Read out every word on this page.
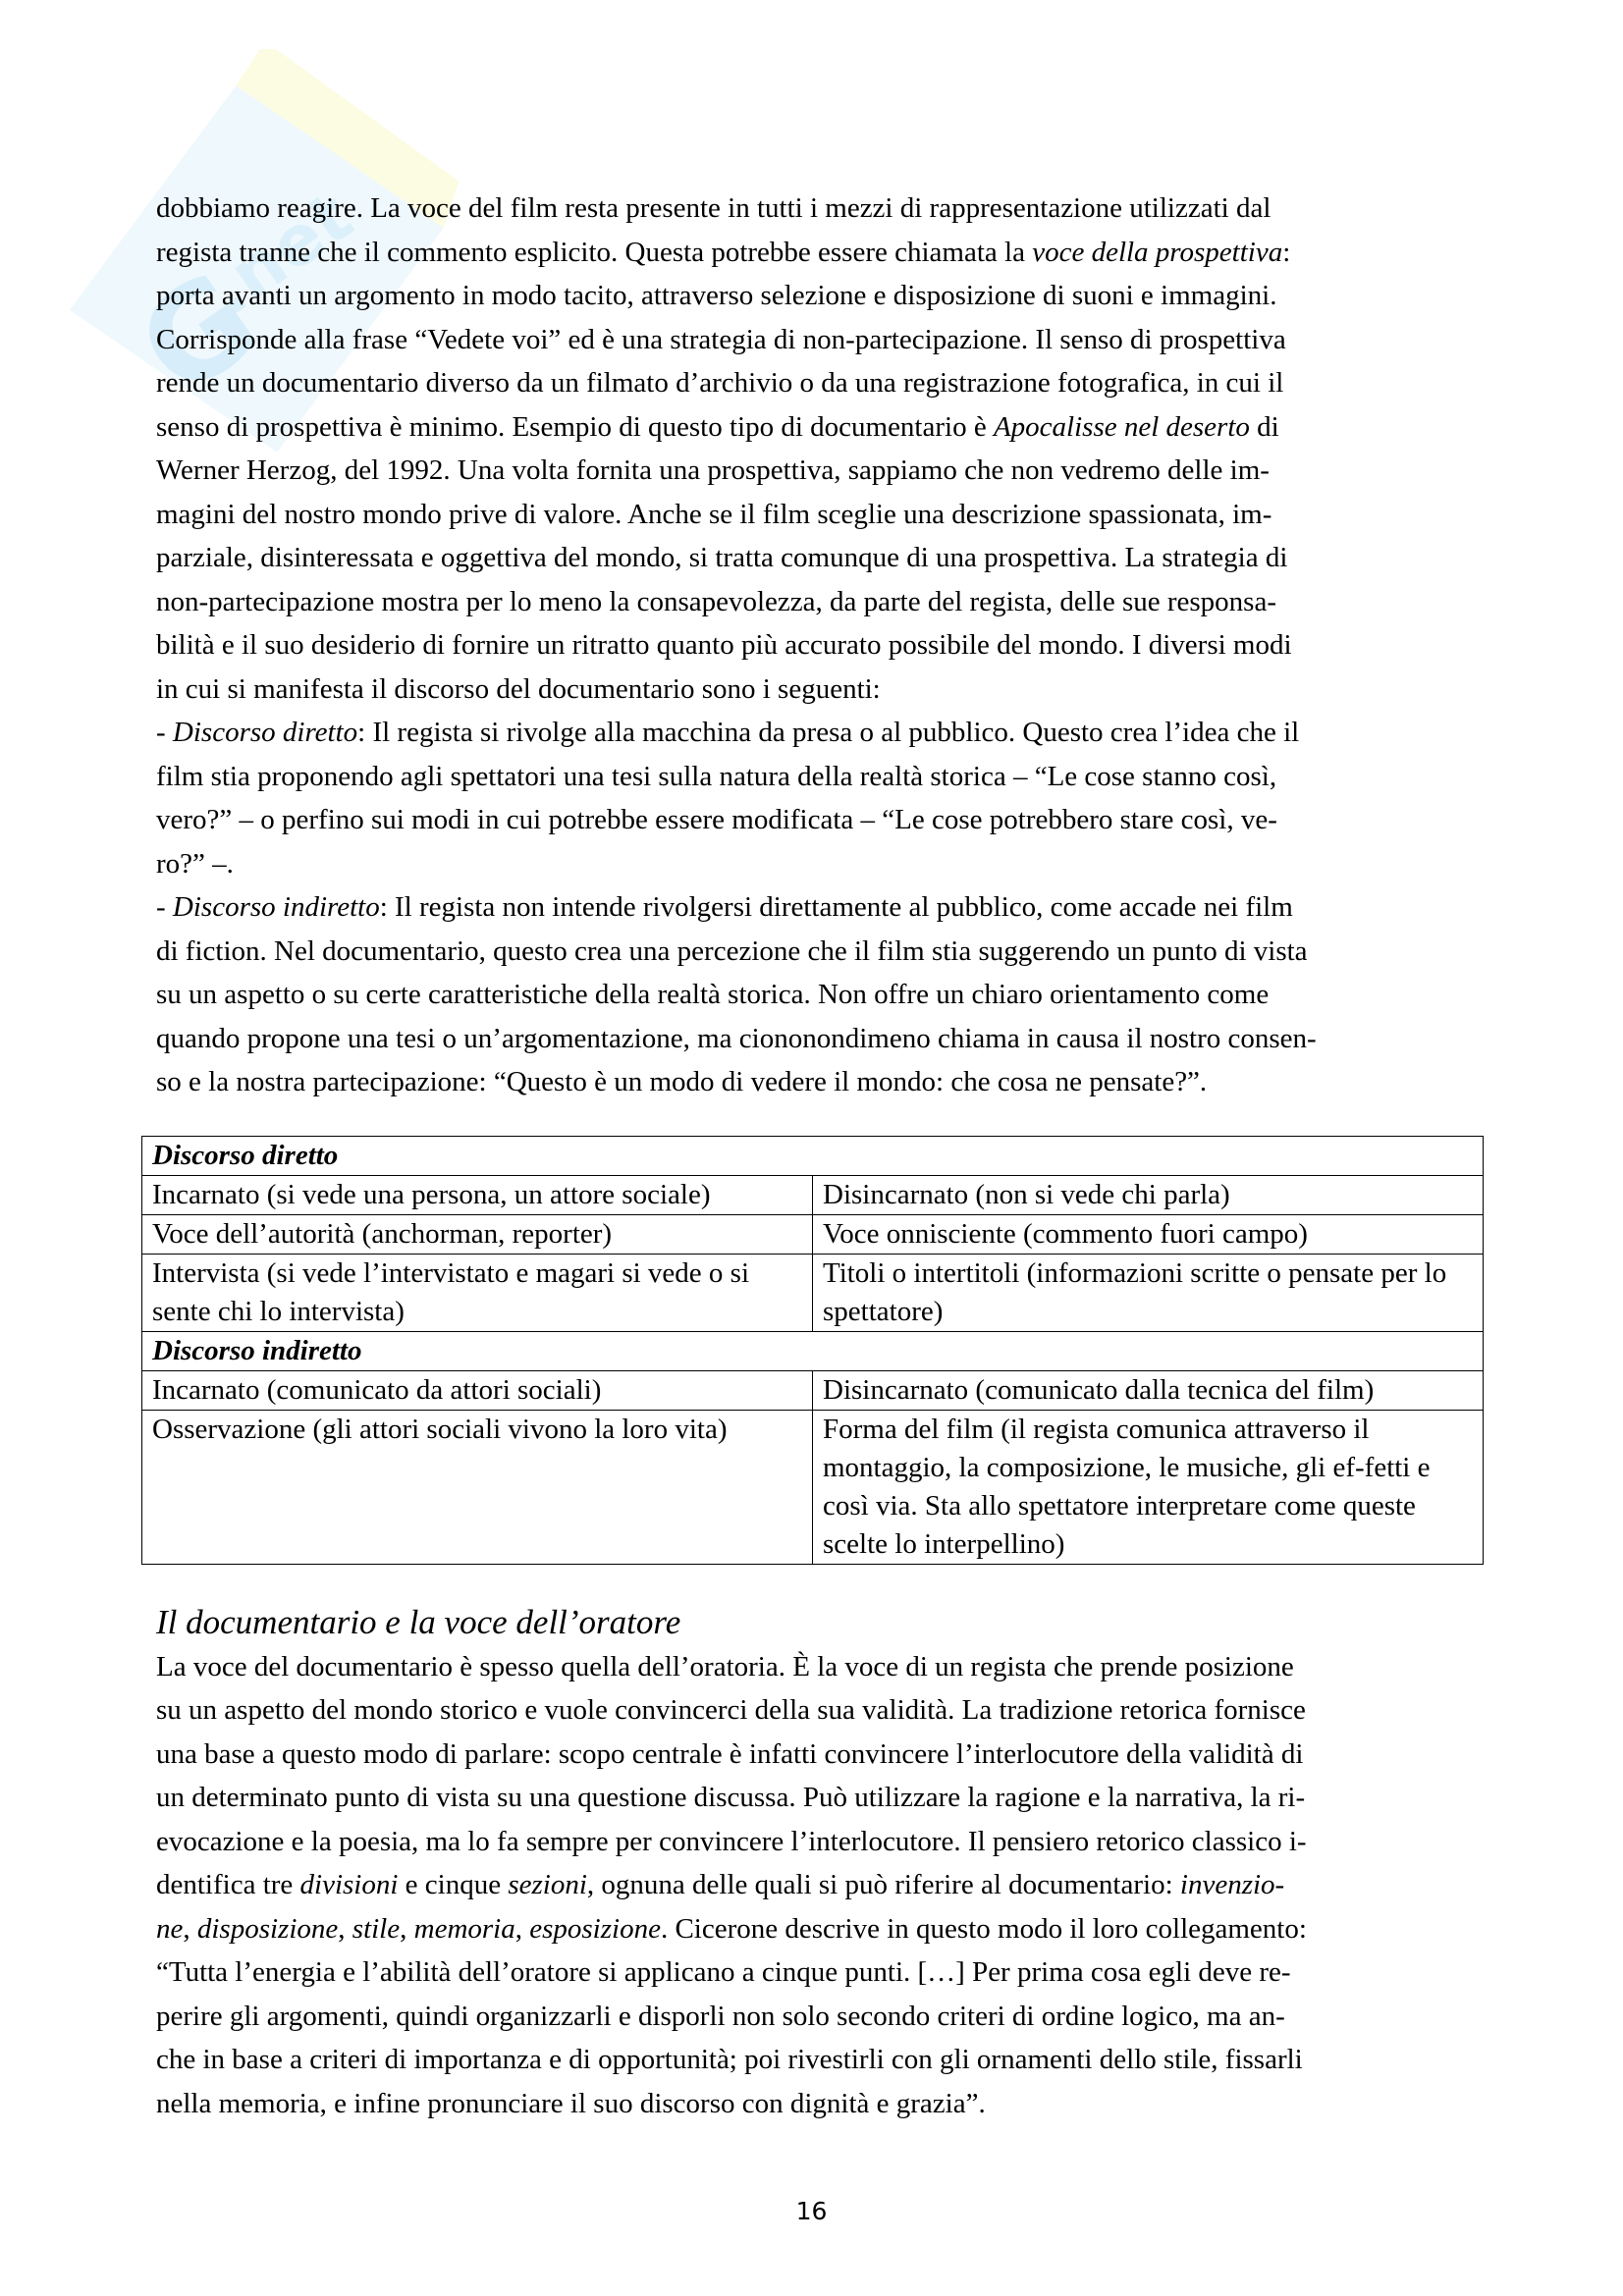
G
.net

dobbiamo reagire. La voce del film resta presente in tutti i mezzi di rappresentazione utilizzati dal
regista tranne che il commento esplicito. Questa potrebbe essere chiamata la voce della prospettiva:
porta avanti un argomento in modo tacito, attraverso selezione e disposizione di suoni e immagini.
Corrisponde alla frase “Vedete voi” ed è una strategia di non-partecipazione. Il senso di prospettiva
rende un documentario diverso da un filmato d’archivio o da una registrazione fotografica, in cui il
senso di prospettiva è minimo. Esempio di questo tipo di documentario è Apocalisse nel deserto di
Werner Herzog, del 1992. Una volta fornita una prospettiva, sappiamo che non vedremo delle im-
magini del nostro mondo prive di valore. Anche se il film sceglie una descrizione spassionata, im-
parziale, disinteressata e oggettiva del mondo, si tratta comunque di una prospettiva. La strategia di
non-partecipazione mostra per lo meno la consapevolezza, da parte del regista, delle sue responsa-
bilità e il suo desiderio di fornire un ritratto quanto più accurato possibile del mondo. I diversi modi
in cui si manifesta il discorso del documentario sono i seguenti:
- Discorso diretto: Il regista si rivolge alla macchina da presa o al pubblico. Questo crea l’idea che il
film stia proponendo agli spettatori una tesi sulla natura della realtà storica – “Le cose stanno così,
vero?” – o perfino sui modi in cui potrebbe essere modificata – “Le cose potrebbero stare così, ve-
ro?” –.
- Discorso indiretto: Il regista non intende rivolgersi direttamente al pubblico, come accade nei film
di fiction. Nel documentario, questo crea una percezione che il film stia suggerendo un punto di vista
su un aspetto o su certe caratteristiche della realtà storica. Non offre un chiaro orientamento come
quando propone una tesi o un’argomentazione, ma ciononondimeno chiama in causa il nostro consen-
so e la nostra partecipazione: “Questo è un modo di vedere il mondo: che cosa ne pensate?”.

Discorso diretto	
Incarnato (si vede una persona, un attore sociale)	Disincarnato (non si vede chi parla)
Voce dell’autorità (anchorman, reporter)	Voce onnisciente (commento fuori campo)
Intervista (si vede l’intervistato e magari si vede o si sente chi lo intervista)	Titoli o intertitoli (informazioni scritte o pensate per lo spettatore)
Discorso indiretto	
Incarnato (comunicato da attori sociali)	Disincarnato (comunicato dalla tecnica del film)
Osservazione (gli attori sociali vivono la loro vita)	Forma del film (il regista comunica attraverso il montaggio, la composizione, le musiche, gli ef-fetti e così via. Sta allo spettatore interpretare come queste scelte lo interpellino)
Il documentario e la voce dell’oratore

La voce del documentario è spesso quella dell’oratoria. È la voce di un regista che prende posizione
su un aspetto del mondo storico e vuole convincerci della sua validità. La tradizione retorica fornisce
una base a questo modo di parlare: scopo centrale è infatti convincere l’interlocutore della validità di
un determinato punto di vista su una questione discussa. Può utilizzare la ragione e la narrativa, la ri-
evocazione e la poesia, ma lo fa sempre per convincere l’interlocutore. Il pensiero retorico classico i-
dentifica tre divisioni e cinque sezioni, ognuna delle quali si può riferire al documentario: invenzio-
ne, disposizione, stile, memoria, esposizione. Cicerone descrive in questo modo il loro collegamento:
“Tutta l’energia e l’abilità dell’oratore si applicano a cinque punti. […] Per prima cosa egli deve re-
perire gli argomenti, quindi organizzarli e disporli non solo secondo criteri di ordine logico, ma an-
che in base a criteri di importanza e di opportunità; poi rivestirli con gli ornamenti dello stile, fissarli
nella memoria, e infine pronunciare il suo discorso con dignità e grazia”.

16
